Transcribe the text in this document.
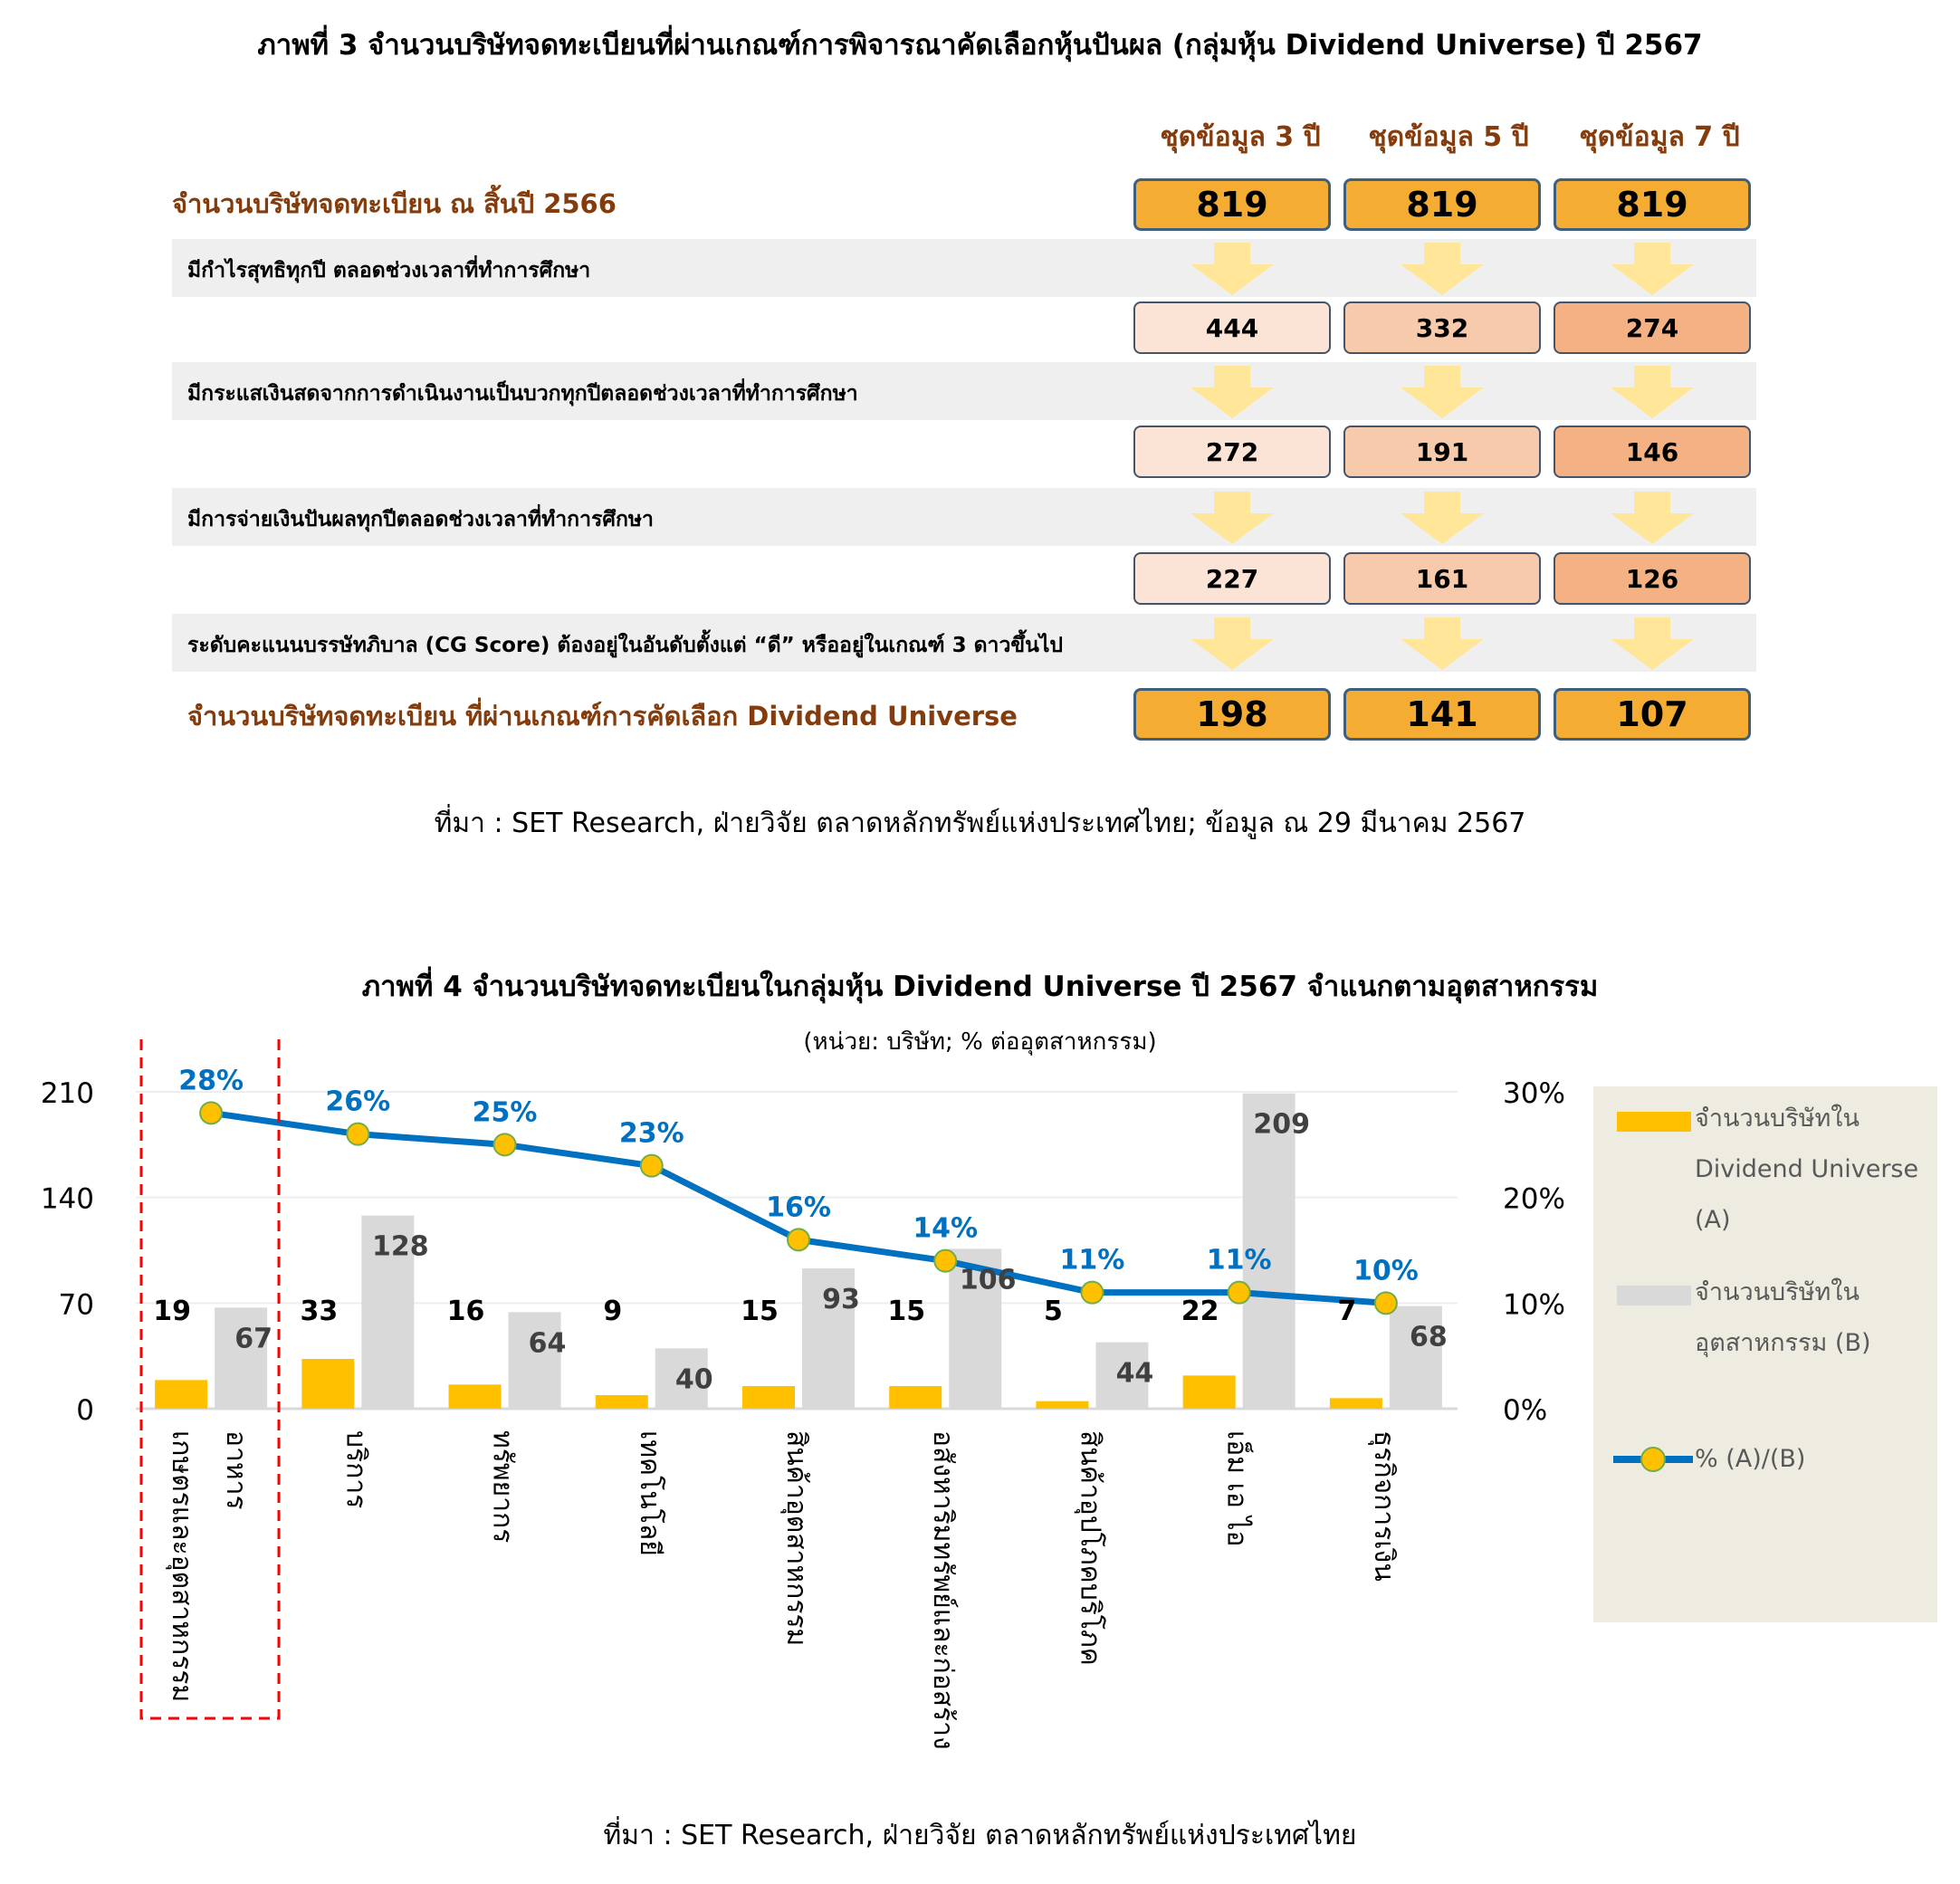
ภาพที่ 3 จำนวนบริษัทจดทะเบียนที่ผ่านเกณฑ์การพิจารณาคัดเลือกหุ้นปันผล (กลุ่มหุ้น Dividend Universe) ปี 2567
ชุดข้อมูล 3 ปี	ชุดข้อมูล 5 ปี	ชุดข้อมูล 7 ปี
จำนวนบริษัทจดทะเบียน ณ สิ้นปี 2566	819	819	819
มีกำไรสุทธิทุกปี ตลอดช่วงเวลาที่ทำการศึกษา
444	332	274
มีกระแสเงินสดจากการดำเนินงานเป็นบวกทุกปีตลอดช่วงเวลาที่ทำการศึกษา
272	191	146
มีการจ่ายเงินปันผลทุกปีตลอดช่วงเวลาที่ทำการศึกษา
227	161	126
ระดับคะแนนบรรษัทภิบาล (CG Score) ต้องอยู่ในอันดับตั้งแต่ “ดี” หรืออยู่ในเกณฑ์ 3 ดาวขึ้นไป
จำนวนบริษัทจดทะเบียน ที่ผ่านเกณฑ์การคัดเลือก Dividend Universe	198	141	107
ที่มา : SET Research, ฝ่ายวิจัย ตลาดหลักทรัพย์แห่งประเทศไทย; ข้อมูล ณ 29 มีนาคม 2567
ภาพที่ 4 จำนวนบริษัทจดทะเบียนในกลุ่มหุ้น Dividend Universe ปี 2567 จำแนกตามอุตสาหกรรม
(หน่วย: บริษัท; % ต่ออุตสาหกรรม)
19
67
33
128
16
64
9
40
15 93 15
106
5
44
22
209
7
68
28%
26%	25%
23%
16%
14%
11%	11%	10%
0
70
140
210
0%
10%
20%
30%
เกษตรและอุตสาหกรรม อาหาร	บริการ	ทรัพยากร	เทคโนโลยี	สินค้าอุตสาหกรรม	อสังหาริมทรัพย์และก่อสร้าง	สินค้าอุปโภคบริโภค	เอ็ม เอ ไอ	ธุรกิจการเงิน
จำนวนบริษัทใน
Dividend Universe
(A)
จำนวนบริษัทใน
อุตสาหกรรม (B)
% (A)/(B)
ที่มา : SET Research, ฝ่ายวิจัย ตลาดหลักทรัพย์แห่งประเทศไทย
